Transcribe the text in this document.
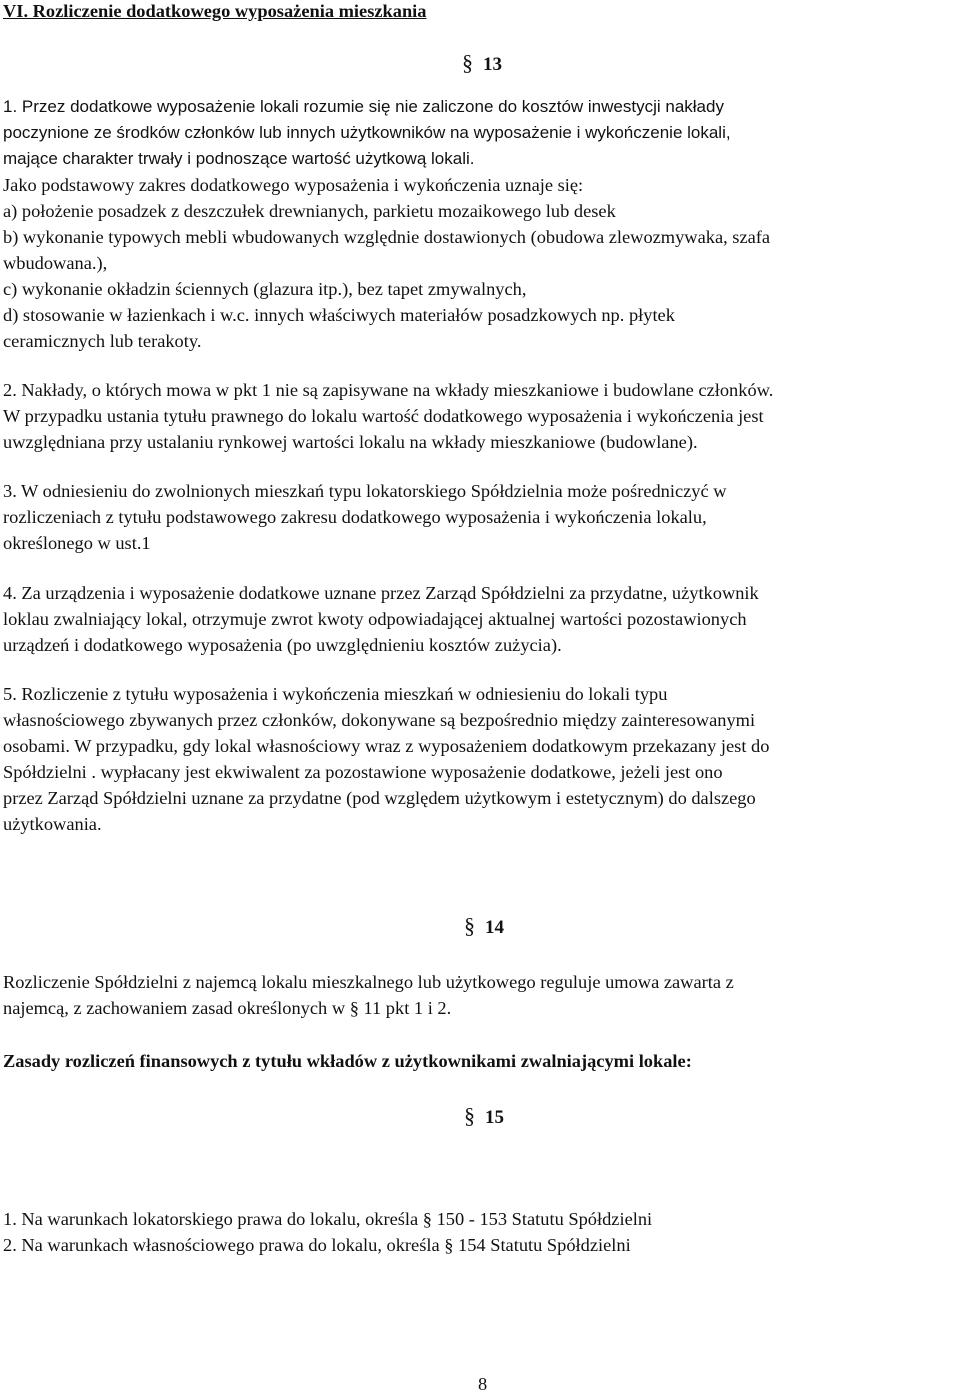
VI. Rozliczenie dodatkowego wyposażenia mieszkania
§ 13
1. Przez dodatkowe wyposażenie lokali rozumie się nie zaliczone do kosztów inwestycji nakłady
poczynione ze środków członków lub innych użytkowników na wyposażenie i wykończenie lokali,
mające charakter trwały i podnoszące wartość użytkową lokali.
Jako podstawowy zakres dodatkowego wyposażenia i wykończenia uznaje się:
a) położenie posadzek z deszczułek drewnianych, parkietu mozaikowego lub desek
b) wykonanie typowych mebli wbudowanych względnie dostawionych (obudowa zlewozmywaka, szafa
wbudowana.),
c) wykonanie okładzin ściennych (glazura itp.), bez tapet zmywalnych,
d) stosowanie w łazienkach i w.c. innych właściwych materiałów posadzkowych np. płytek
ceramicznych lub terakoty.
2. Nakłady, o których mowa w pkt 1 nie są zapisywane na wkłady mieszkaniowe i budowlane członków.
W przypadku ustania tytułu prawnego do lokalu wartość dodatkowego wyposażenia i wykończenia jest
uwzględniana przy ustalaniu rynkowej wartości lokalu na wkłady mieszkaniowe (budowlane).
3. W odniesieniu do zwolnionych mieszkań typu lokatorskiego Spółdzielnia może pośredniczyć w
rozliczeniach z tytułu podstawowego zakresu dodatkowego wyposażenia i wykończenia lokalu,
określonego w ust.1
4. Za urządzenia i wyposażenie dodatkowe uznane przez Zarząd Spółdzielni za przydatne, użytkownik
loklau zwalniający lokal, otrzymuje zwrot kwoty odpowiadającej aktualnej wartości pozostawionych
urządzeń i dodatkowego wyposażenia (po uwzględnieniu kosztów zużycia).
5. Rozliczenie z tytułu wyposażenia i wykończenia mieszkań w odniesieniu do lokali typu
własnościowego zbywanych przez członków, dokonywane są bezpośrednio między zainteresowanymi
osobami. W przypadku, gdy lokal własnościowy wraz z wyposażeniem dodatkowym przekazany jest do
Spółdzielni . wypłacany jest ekwiwalent za pozostawione wyposażenie dodatkowe, jeżeli jest ono
przez Zarząd Spółdzielni uznane za przydatne (pod względem użytkowym i estetycznym) do dalszego
użytkowania.
§ 14
Rozliczenie Spółdzielni z najemcą lokalu mieszkalnego lub użytkowego reguluje umowa zawarta z
najemcą, z zachowaniem zasad określonych w § 11 pkt 1 i 2.
Zasady rozliczeń finansowych z tytułu wkładów z użytkownikami zwalniającymi lokale:
§ 15
1. Na warunkach lokatorskiego prawa do lokalu, określa § 150 - 153 Statutu Spółdzielni
2. Na warunkach własnościowego prawa do lokalu, określa § 154 Statutu Spółdzielni
8
